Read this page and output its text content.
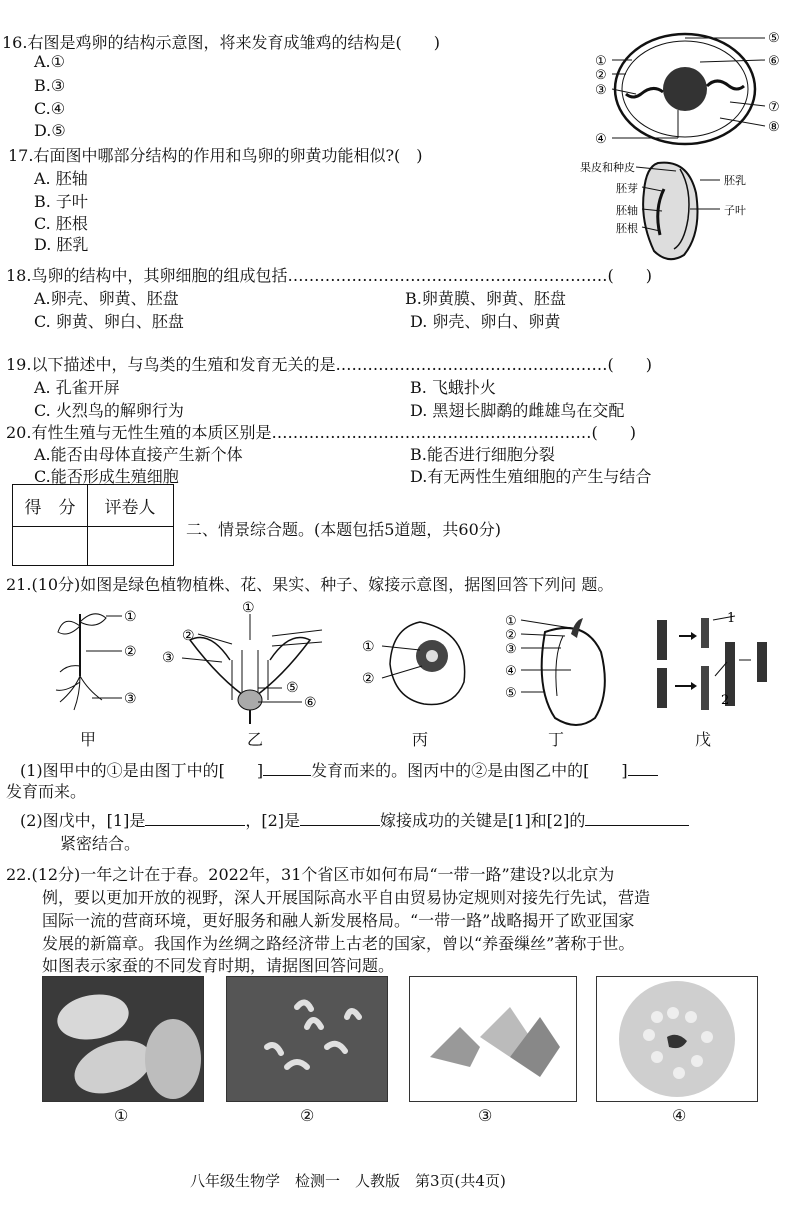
16.右图是鸡卵的结构示意图，将来发育成雏鸡的结构是(　　)
A.①
B.③
C.④
D.⑤
①
②
③
④
⑤
⑥
⑦
⑧
17.右面图中哪部分结构的作用和鸟卵的卵黄功能相似?(　)
A. 胚轴
B. 子叶
C. 胚根
D. 胚乳
果皮和种皮
胚乳
胚芽
胚轴	子叶
胚根
18.鸟卵的结构中，其卵细胞的组成包括……………………………………………………(　　)
A.卵壳、卵黄、胚盘	B.卵黄膜、卵黄、胚盘
C. 卵黄、卵白、胚盘	D. 卵壳、卵白、卵黄
19.以下描述中，与鸟类的生殖和发育无关的是……………………………………………(　　)
A. 孔雀开屏	B. 飞蛾扑火
C. 火烈鸟的解卵行为	D. 黑翅长脚鹬的雌雄鸟在交配
20.有性生殖与无性生殖的本质区别是……………………………………………………(　　)
A.能否由母体直接产生新个体	B.能否进行细胞分裂
C.能否形成生殖细胞	D.有无两性生殖细胞的产生与结合
得　分	评卷人
二、情景综合题。(本题包括5道题，共60分)
21.(10分)如图是绿色植物植株、花、果实、种子、嫁接示意图，据图回答下列问 题。
①
②
③
①
②
③
⑤
⑥
①
②
①
②
③
④
⑤
1
2
甲	乙	丙	丁	戊
(1)图甲中的①是由图丁中的[　　]	发育而来的。图丙中的②是由图乙中的[　　]
发育而来。
(2)图戊中，[1]是	，[2]是	嫁接成功的关键是[1]和[2]的
紧密结合。
22.(12分)一年之计在于春。2022年，31个省区市如何布局“一带一路”建设?以北京为
例，要以更加开放的视野，深人开展国际高水平自由贸易协定规则对接先行先试，营造
国际一流的营商环境，更好服务和融人新发展格局。“一带一路”战略揭开了欧亚国家
发展的新篇章。我国作为丝绸之路经济带上古老的国家，曾以“养蚕缫丝”著称于世。
如图表示家蚕的不同发育时期，请据图回答问题。
①	②	③	④
八年级生物学　检测一　人教版　第3页(共4页)
